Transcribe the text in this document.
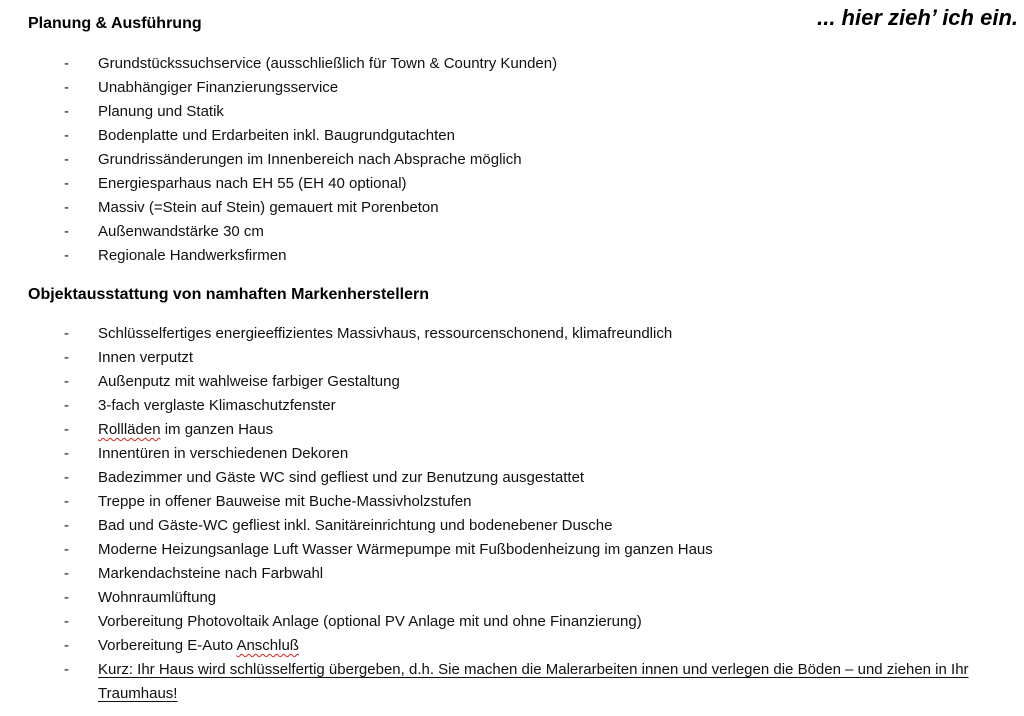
... hier zieh’ ich ein.
Planung & Ausführung
- Grundstückssuchservice (ausschließlich für Town & Country Kunden)
- Unabhängiger Finanzierungsservice
- Planung und Statik
- Bodenplatte und Erdarbeiten inkl. Baugrundgutachten
- Grundrissänderungen im Innenbereich nach Absprache möglich
- Energiesparhaus nach EH 55 (EH 40 optional)
- Massiv (=Stein auf Stein) gemauert mit Porenbeton
- Außenwandstärke 30 cm
- Regionale Handwerksfirmen
Objektausstattung von namhaften Markenherstellern
- Schlüsselfertiges energieeffizientes Massivhaus, ressourcenschonend, klimafreundlich
- Innen verputzt
- Außenputz mit wahlweise farbiger Gestaltung
- 3-fach verglaste Klimaschutzfenster
- Rollläden im ganzen Haus
- Innentüren in verschiedenen Dekoren
- Badezimmer und Gäste WC sind gefliest und zur Benutzung ausgestattet
- Treppe in offener Bauweise mit Buche-Massivholzstufen
- Bad und Gäste-WC gefliest inkl. Sanitäreinrichtung und bodenebener Dusche
- Moderne Heizungsanlage Luft Wasser Wärmepumpe mit Fußbodenheizung im ganzen Haus
- Markendachsteine nach Farbwahl
- Wohnraumlüftung
- Vorbereitung Photovoltaik Anlage (optional PV Anlage mit und ohne Finanzierung)
- Vorbereitung E-Auto Anschluß
- Kurz: Ihr Haus wird schlüsselfertig übergeben, d.h. Sie machen die Malerarbeiten innen und verlegen die Böden – und ziehen in Ihr Traumhaus!
